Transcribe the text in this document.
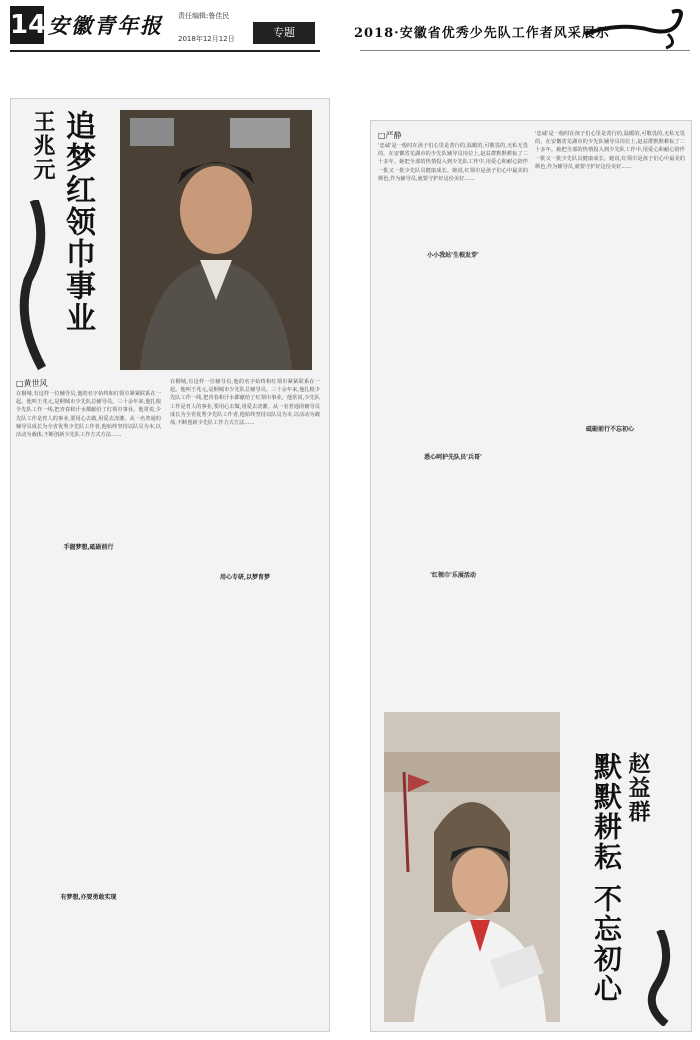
14 安徽青年报 责任编辑:鲁佳民
2018年12月12日	专题	2018·安徽省优秀少先队工作者风采展示
追梦红领巾事业
王兆元
□黄世风
在桐城,有这样一位辅导员,他的名字始终和红领巾紧紧联系在一起。他叫王兆元,是桐城市少先队总辅导员。三十余年来,他扎根少先队工作一线,把青春和汗水都献给了红领巾事业。他常说,少先队工作是育人的事业,要用心去做,用爱去浇灌。从一名普通的辅导员成长为全省优秀少先队工作者,他始终坚持以队员为本,以活动为载体,不断创新少先队工作方式方法……
手握梦想,砥砺前行
有梦想,亦要勇敢实现
在桐城,有这样一位辅导员,他的名字始终和红领巾紧紧联系在一起。他叫王兆元,是桐城市少先队总辅导员。三十余年来,他扎根少先队工作一线,把青春和汗水都献给了红领巾事业。他常说,少先队工作是育人的事业,要用心去做,用爱去浇灌。从一名普通的辅导员成长为全省优秀少先队工作者,他始终坚持以队员为本,以活动为载体,不断创新少先队工作方式方法……
用心专研,以梦育梦
□严静
'忠诚'是一般时在孩子们心里是善行的,温暖的,可敬畏的,无私无畏的。在安徽省芜湖市的少先队辅导员岗位上,赵益群默默耕耘了二十多年。她把全部的热情投入到少先队工作中,用爱心和耐心陪伴一批又一批少先队员健康成长。她说,红领巾是孩子们心中最美的颜色,作为辅导员,就要守护好这份美好……
小小我站'生根发芽'
悉心呵护先队员'兵哥'
'红领巾'乐展活动
'忠诚'是一般时在孩子们心里是善行的,温暖的,可敬畏的,无私无畏的。在安徽省芜湖市的少先队辅导员岗位上,赵益群默默耕耘了二十多年。她把全部的热情投入到少先队工作中,用爱心和耐心陪伴一批又一批少先队员健康成长。她说,红领巾是孩子们心中最美的颜色,作为辅导员,就要守护好这份美好……
砥砺前行不忘初心
默默耕耘 不忘初心 赵益群
